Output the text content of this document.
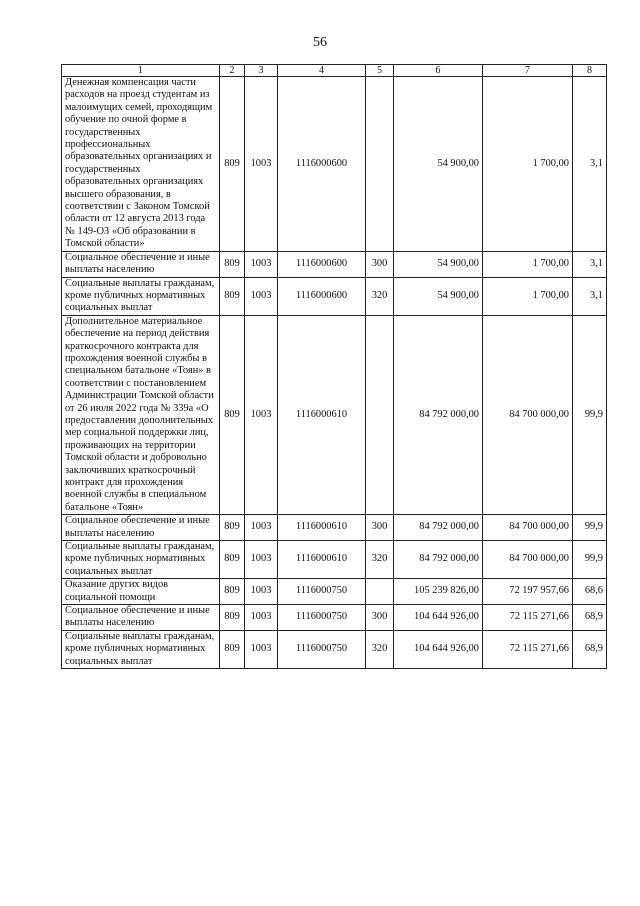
56
1	2	3	4	5	6	7	8
Денежная компенсация части расходов на проезд студентам из малоимущих семей, проходящим обучение по очной форме в государственных профессиональных образовательных организациях и государственных образовательных организациях высшего образования, в соответствии с Законом Томской области от 12 августа 2013 года № 149-ОЗ «Об образовании в Томской области»	809	1003	1116000600		54 900,00	1 700,00	3,1
Социальное обеспечение и иные выплаты населению	809	1003	1116000600	300	54 900,00	1 700,00	3,1
Социальные выплаты гражданам, кроме публичных нормативных социальных выплат	809	1003	1116000600	320	54 900,00	1 700,00	3,1
Дополнительное материальное обеспечение на период действия краткосрочного контракта для прохождения военной службы в специальном батальоне «Тоян» в соответствии с постановлением Администрации Томской области от 26 июля 2022 года № 339а «О предоставлении дополнительных мер социальной поддержки лиц, проживающих на территории Томской области и добровольно заключивших краткосрочный контракт для прохождения военной службы в специальном батальоне «Тоян»	809	1003	1116000610		84 792 000,00	84 700 000,00	99,9
Социальное обеспечение и иные выплаты населению	809	1003	1116000610	300	84 792 000,00	84 700 000,00	99,9
Социальные выплаты гражданам, кроме публичных нормативных социальных выплат	809	1003	1116000610	320	84 792 000,00	84 700 000,00	99,9
Оказание других видов социальной помощи	809	1003	1116000750		105 239 826,00	72 197 957,66	68,6
Социальное обеспечение и иные выплаты населению	809	1003	1116000750	300	104 644 926,00	72 115 271,66	68,9
Социальные выплаты гражданам, кроме публичных нормативных социальных выплат	809	1003	1116000750	320	104 644 926,00	72 115 271,66	68,9
